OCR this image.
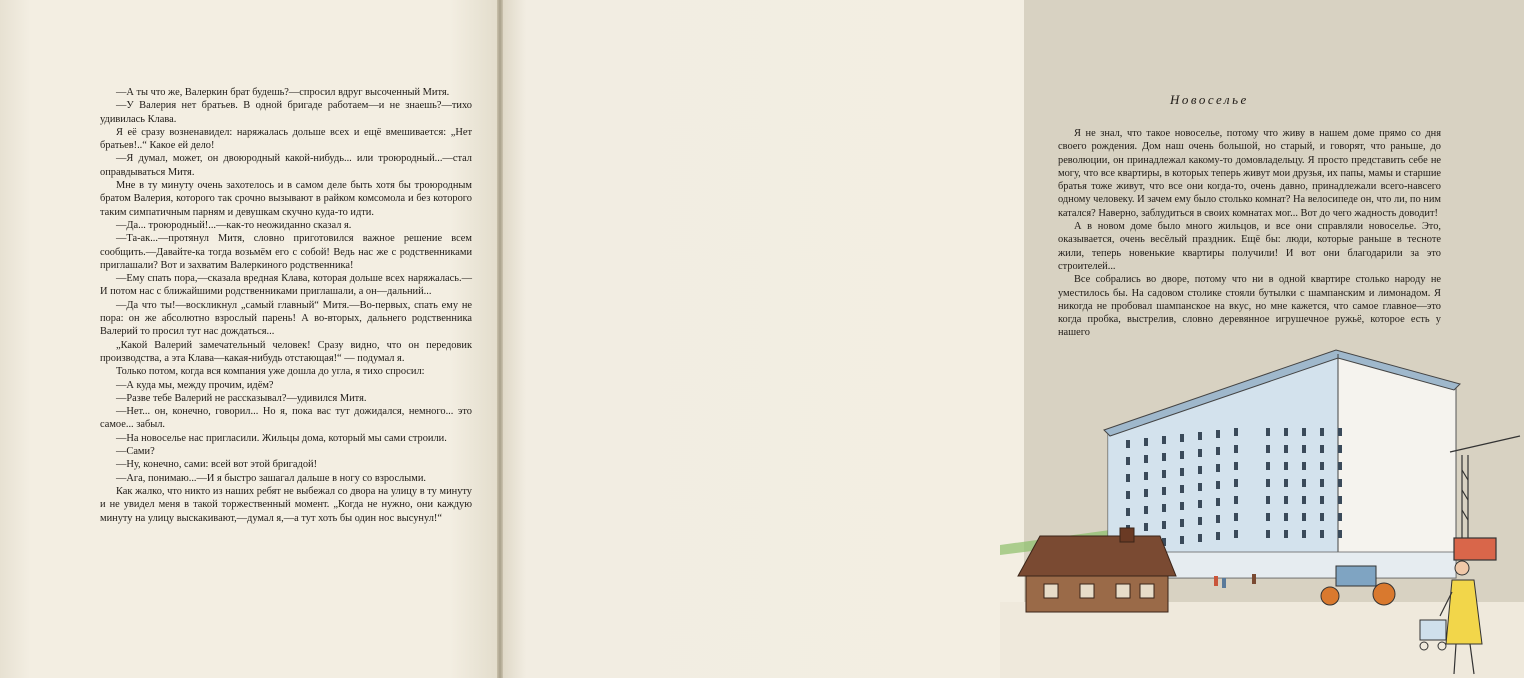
—А ты что же, Валеркин брат будешь?—спросил вдруг высоченный Митя.

—У Валерия нет братьев. В одной бригаде работаем—и не знаешь?—тихо удивилась Клава.

Я её сразу возненавидел: наряжалась дольше всех и ещё вмешивается: „Нет братьев!..“ Какое ей дело!

—Я думал, может, он двоюродный какой-нибудь... или троюродный...—стал оправдываться Митя.

Мне в ту минуту очень захотелось и в самом деле быть хотя бы троюродным братом Валерия, которого так срочно вызывают в райком комсомола и без которого таким симпатичным парням и девушкам скучно куда-то идти.

—Да... троюродный!...—как-то неожиданно сказал я.

—Та-ак...—протянул Митя, словно приготовился важное решение всем сообщить.—Давайте-ка тогда возьмём его с собой! Ведь нас же с родственниками приглашали? Вот и захватим Валеркиного родственника!

—Ему спать пора,—сказала вредная Клава, которая дольше всех наряжалась.—И потом нас с ближайшими родственниками приглашали, а он—дальний...

—Да что ты!—воскликнул „самый главный“ Митя.—Во-первых, спать ему не пора: он же абсолютно взрослый парень! А во-вторых, дальнего родственника Валерий то просил тут нас дождаться...

„Какой Валерий замечательный человек! Сразу видно, что он передовик производства, а эта Клава—какая-нибудь отстающая!“ — подумал я.

Только потом, когда вся компания уже дошла до угла, я тихо спросил:

—А куда мы, между прочим, идём?

—Разве тебе Валерий не рассказывал?—удивился Митя.

—Нет... он, конечно, говорил... Но я, пока вас тут дожидался, немного... это самое... забыл.

—На новоселье нас пригласили. Жильцы дома, который мы сами строили.

—Сами?

—Ну, конечно, сами: всей вот этой бригадой!

—Ага, понимаю...—И я быстро зашагал дальше в ногу со взрослыми.

Как жалко, что никто из наших ребят не выбежал со двора на улицу в ту минуту и не увидел меня в такой торжественный момент. „Когда не нужно, они каждую минуту на улицу выскакивают,—думал я,—а тут хоть бы один нос высунул!“

Новоселье

Я не знал, что такое новоселье, потому что живу в нашем доме прямо со дня своего рождения. Дом наш очень большой, но старый, и говорят, что раньше, до революции, он принадлежал какому-то домовладельцу. Я просто представить себе не могу, что все квартиры, в которых теперь живут мои друзья, их папы, мамы и старшие братья тоже живут, что все они когда-то, очень давно, принадлежали всего-навсего одному человеку. И зачем ему было столько комнат? На велосипеде он, что ли, по ним катался? Наверно, заблудиться в своих комнатах мог... Вот до чего жадность доводит!

А в новом доме было много жильцов, и все они справляли новоселье. Это, оказывается, очень весёлый праздник. Ещё бы: люди, которые раньше в тесноте жили, теперь новенькие квартиры получили! И вот они благодарили за это строителей...

Все собрались во дворе, потому что ни в одной квартире столько народу не уместилось бы. На садовом столике стояли бутылки с шампанским и лимонадом. Я никогда не пробовал шампанское на вкус, но мне кажется, что самое главное—это когда пробка, выстрелив, словно деревянное игрушечное ружьё, которое есть у нашего
